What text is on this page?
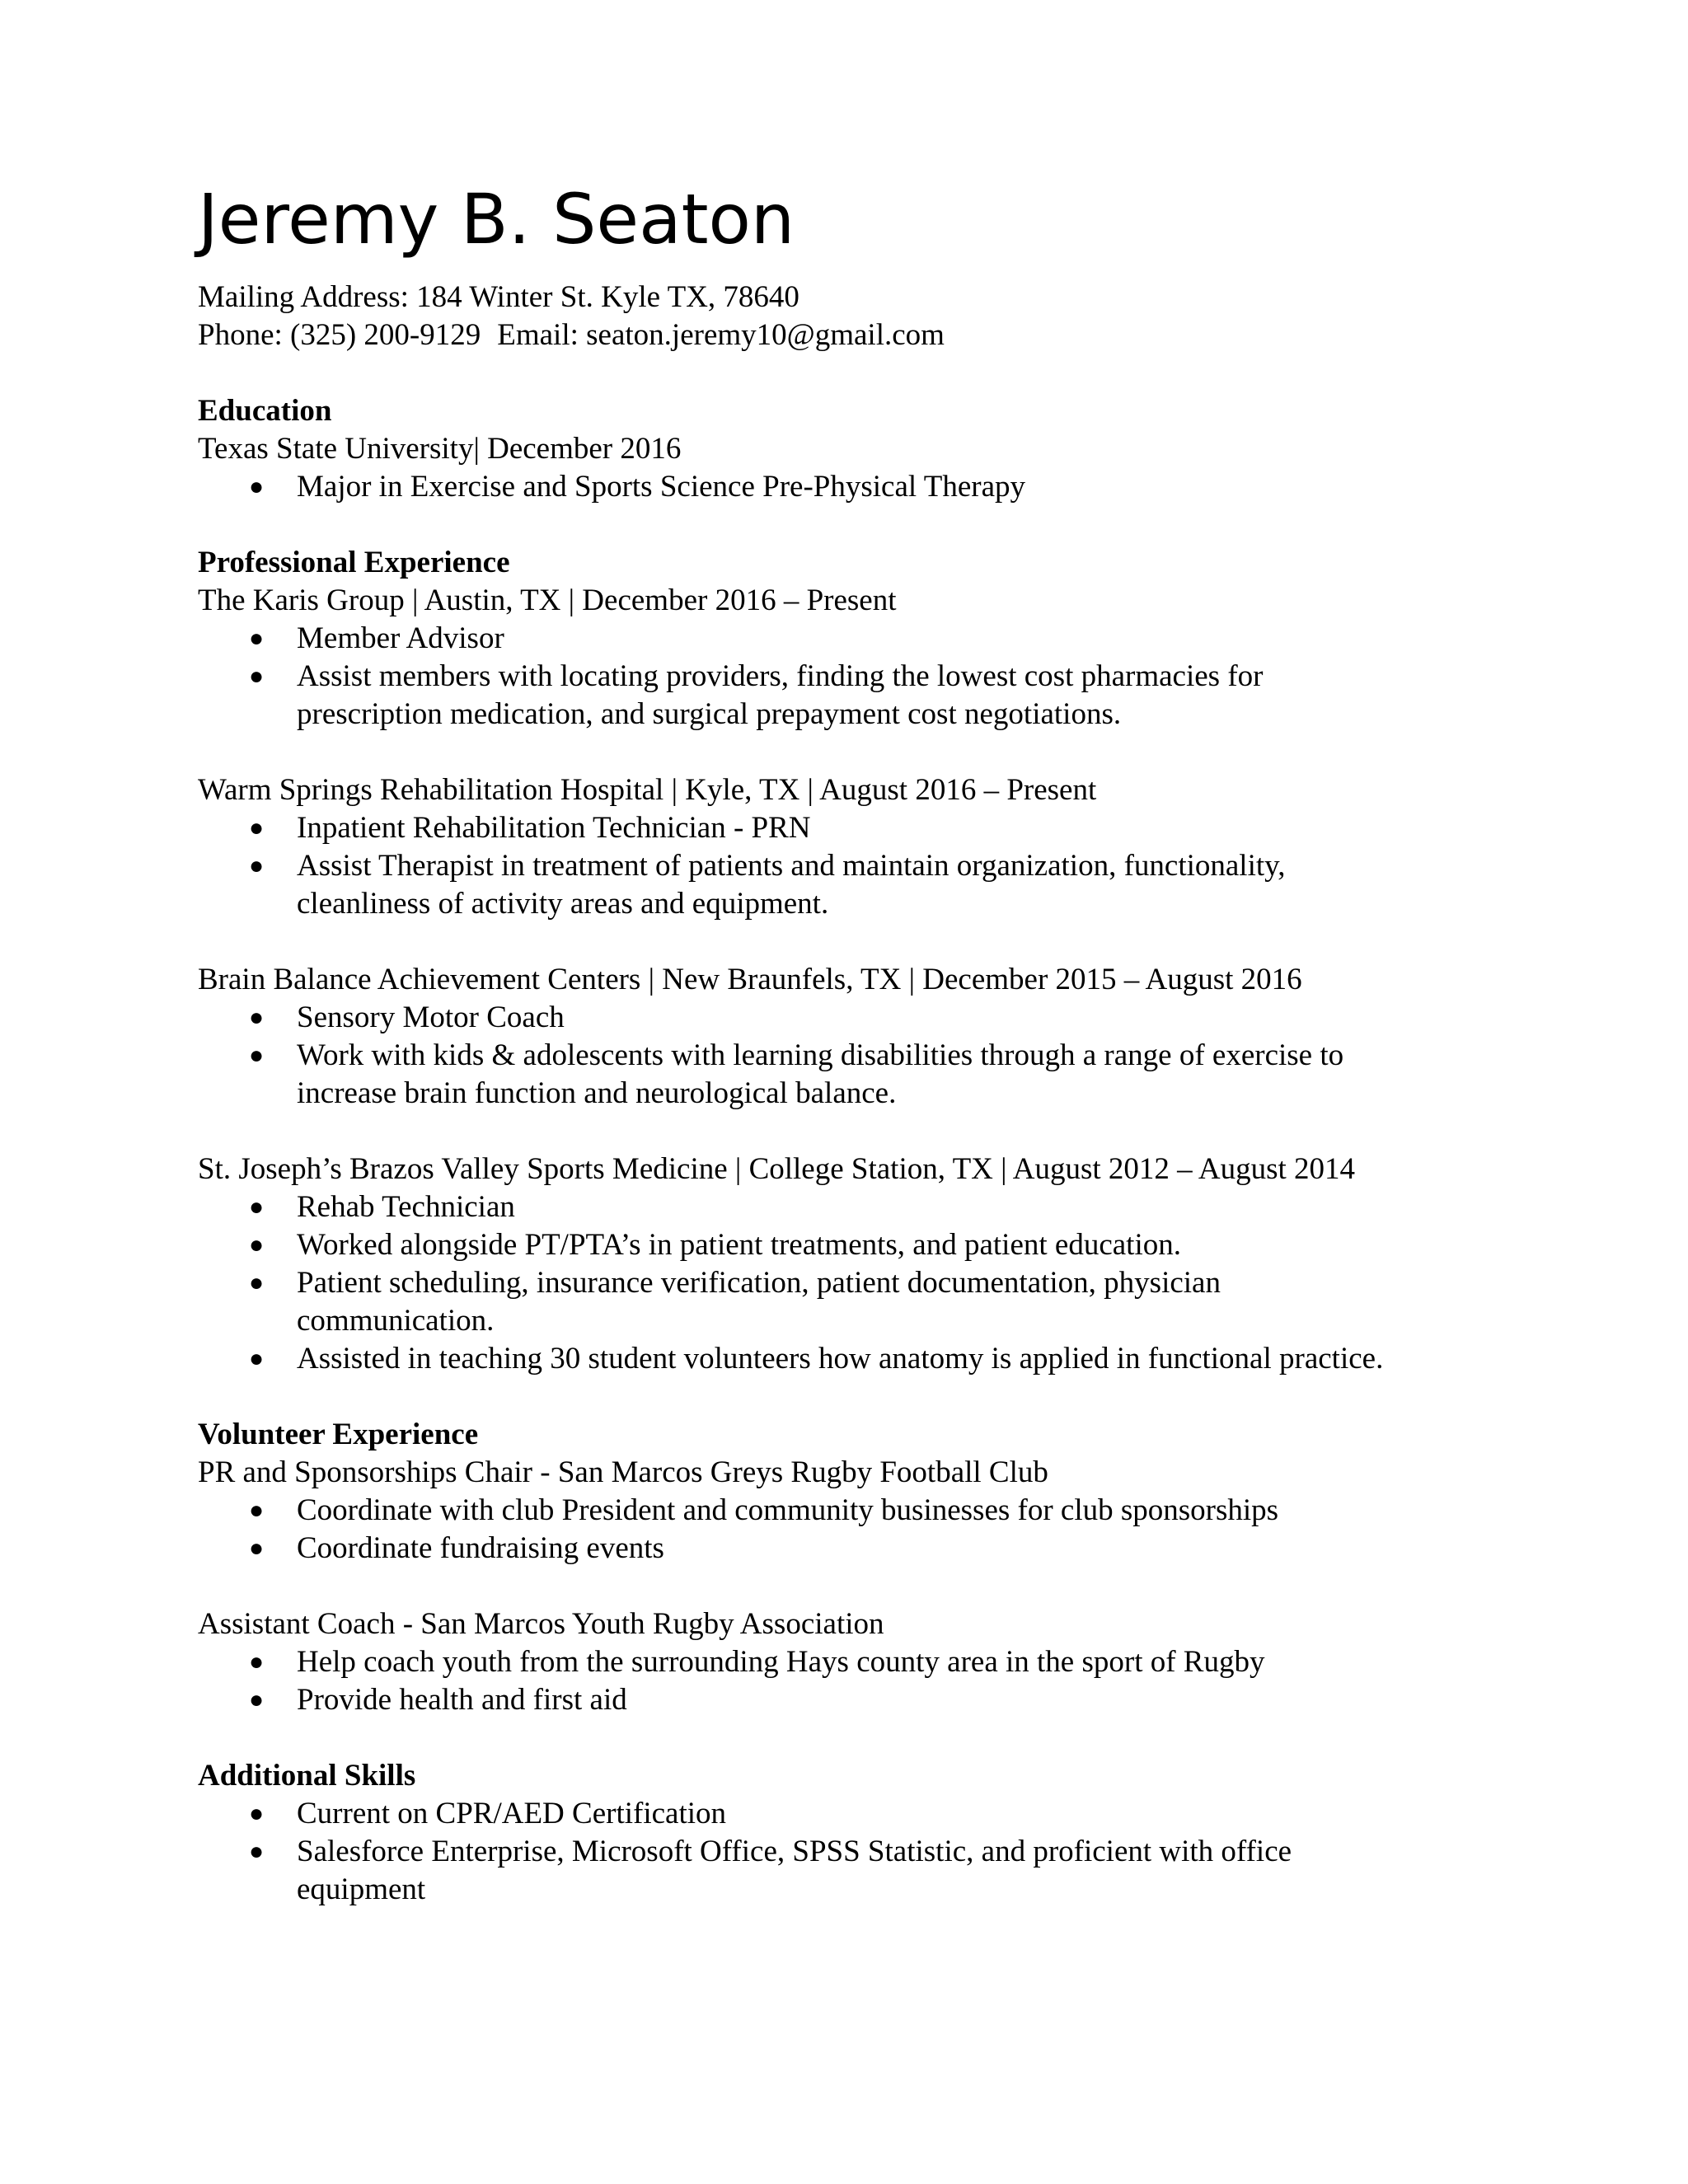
Jeremy B. Seaton
Mailing Address: 184 Winter St. Kyle TX, 78640
Phone: (325) 200-9129 Email: seaton.jeremy10@gmail.com
Education
Texas State University| December 2016
● Major in Exercise and Sports Science Pre-Physical Therapy
Professional Experience
The Karis Group | Austin, TX | December 2016 – Present
● Member Advisor
● Assist members with locating providers, finding the lowest cost pharmacies for
prescription medication, and surgical prepayment cost negotiations.
Warm Springs Rehabilitation Hospital | Kyle, TX | August 2016 – Present
● Inpatient Rehabilitation Technician - PRN
● Assist Therapist in treatment of patients and maintain organization, functionality,
cleanliness of activity areas and equipment.
Brain Balance Achievement Centers | New Braunfels, TX | December 2015 – August 2016
● Sensory Motor Coach
● Work with kids & adolescents with learning disabilities through a range of exercise to
increase brain function and neurological balance.
St. Joseph’s Brazos Valley Sports Medicine | College Station, TX | August 2012 – August 2014
● Rehab Technician
● Worked alongside PT/PTA’s in patient treatments, and patient education.
● Patient scheduling, insurance verification, patient documentation, physician
communication.
● Assisted in teaching 30 student volunteers how anatomy is applied in functional practice.
Volunteer Experience
PR and Sponsorships Chair - San Marcos Greys Rugby Football Club
● Coordinate with club President and community businesses for club sponsorships
● Coordinate fundraising events
Assistant Coach - San Marcos Youth Rugby Association
● Help coach youth from the surrounding Hays county area in the sport of Rugby
● Provide health and first aid
Additional Skills
● Current on CPR/AED Certification
● Salesforce Enterprise, Microsoft Office, SPSS Statistic, and proficient with office
equipment
